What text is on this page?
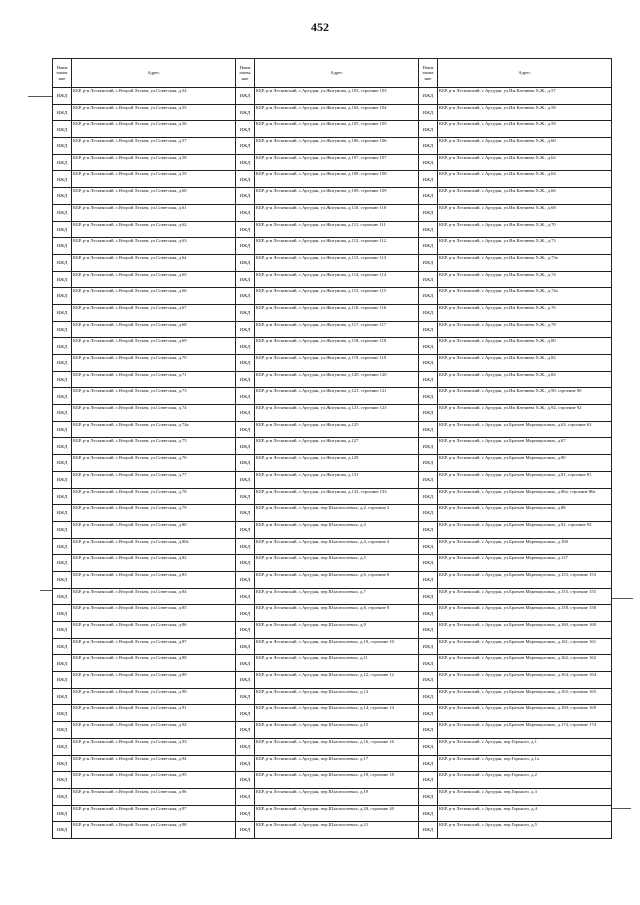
452
Наим енова ние	Адрес	Наим енова ние	Адрес	Наим енова ние	Адрес
ИЖД	КБР, р-н Лескенский, с.Второй Лескен, ул.Советская, д.54	ИЖД	КБР, р-н Лескенский, с.Аргудан, ул.Жигунова, д.103, строение 103	ИЖД	КБР, р-н Лескенский, с.Аргудан, ул.Им Катчиева Х.Ж., д.57
ИЖД	КБР, р-н Лескенский, с.Второй Лескен, ул.Советская, д.55	ИЖД	КБР, р-н Лескенский, с.Аргудан, ул.Жигунова, д.104, строение 104	ИЖД	КБР, р-н Лескенский, с.Аргудан, ул.Им Катчиева Х.Ж., д.58
ИЖД	КБР, р-н Лескенский, с.Второй Лескен, ул.Советская, д.56	ИЖД	КБР, р-н Лескенский, с.Аргудан, ул.Жигунова, д.105, строение 105	ИЖД	КБР, р-н Лескенский, с.Аргудан, ул.Им Катчиева Х.Ж., д.59
ИЖД	КБР, р-н Лескенский, с.Второй Лескен, ул.Советская, д.57	ИЖД	КБР, р-н Лескенский, с.Аргудан, ул.Жигунова, д.106, строение 106	ИЖД	КБР, р-н Лескенский, с.Аргудан, ул.Им Катчиева Х.Ж., д.60
ИЖД	КБР, р-н Лескенский, с.Второй Лескен, ул.Советская, д.58	ИЖД	КБР, р-н Лескенский, с.Аргудан, ул.Жигунова, д.107, строение 107	ИЖД	КБР, р-н Лескенский, с.Аргудан, ул.Им Катчиева Х.Ж., д.62
ИЖД	КБР, р-н Лескенский, с.Второй Лескен, ул.Советская, д.59	ИЖД	КБР, р-н Лескенский, с.Аргудан, ул.Жигунова, д.108, строение 108	ИЖД	КБР, р-н Лескенский, с.Аргудан, ул.Им Катчиева Х.Ж., д.64
ИЖД	КБР, р-н Лескенский, с.Второй Лескен, ул.Советская, д.60	ИЖД	КБР, р-н Лескенский, с.Аргудан, ул.Жигунова, д.109, строение 109	ИЖД	КБР, р-н Лескенский, с.Аргудан, ул.Им Катчиева Х.Ж., д.66
ИЖД	КБР, р-н Лескенский, с.Второй Лескен, ул.Советская, д.61	ИЖД	КБР, р-н Лескенский, с.Аргудан, ул.Жигунова, д.110, строение 110	ИЖД	КБР, р-н Лескенский, с.Аргудан, ул.Им Катчиева Х.Ж., д.68
ИЖД	КБР, р-н Лескенский, с.Второй Лескен, ул.Советская, д.62	ИЖД	КБР, р-н Лескенский, с.Аргудан, ул.Жигунова, д.111, строение 111	ИЖД	КБР, р-н Лескенский, с.Аргудан, ул.Им Катчиева Х.Ж., д.70
ИЖД	КБР, р-н Лескенский, с.Второй Лескен, ул.Советская, д.63	ИЖД	КБР, р-н Лескенский, с.Аргудан, ул.Жигунова, д.112, строение 112	ИЖД	КБР, р-н Лескенский, с.Аргудан, ул.Им Катчиева Х.Ж., д.73
ИЖД	КБР, р-н Лескенский, с.Второй Лескен, ул.Советская, д.64	ИЖД	КБР, р-н Лескенский, с.Аргудан, ул.Жигунова, д.113, строение 113	ИЖД	КБР, р-н Лескенский, с.Аргудан, ул.Им Катчиева Х.Ж., д.73а
ИЖД	КБР, р-н Лескенский, с.Второй Лескен, ул.Советская, д.65	ИЖД	КБР, р-н Лескенский, с.Аргудан, ул.Жигунова, д.114, строение 114	ИЖД	КБР, р-н Лескенский, с.Аргудан, ул.Им Катчиева Х.Ж., д.74
ИЖД	КБР, р-н Лескенский, с.Второй Лескен, ул.Советская, д.66	ИЖД	КБР, р-н Лескенский, с.Аргудан, ул.Жигунова, д.115, строение 115	ИЖД	КБР, р-н Лескенский, с.Аргудан, ул.Им Катчиева Х.Ж., д.74а
ИЖД	КБР, р-н Лескенский, с.Второй Лескен, ул.Советская, д.67	ИЖД	КБР, р-н Лескенский, с.Аргудан, ул.Жигунова, д.116, строение 116	ИЖД	КБР, р-н Лескенский, с.Аргудан, ул.Им Катчиева Х.Ж., д.76
ИЖД	КБР, р-н Лескенский, с.Второй Лескен, ул.Советская, д.68	ИЖД	КБР, р-н Лескенский, с.Аргудан, ул.Жигунова, д.117, строение 117	ИЖД	КБР, р-н Лескенский, с.Аргудан, ул.Им Катчиева Х.Ж., д.78
ИЖД	КБР, р-н Лескенский, с.Второй Лескен, ул.Советская, д.69	ИЖД	КБР, р-н Лескенский, с.Аргудан, ул.Жигунова, д.118, строение 118	ИЖД	КБР, р-н Лескенский, с.Аргудан, ул.Им Катчиева Х.Ж., д.80
ИЖД	КБР, р-н Лескенский, с.Второй Лескен, ул.Советская, д.70	ИЖД	КБР, р-н Лескенский, с.Аргудан, ул.Жигунова, д.119, строение 119	ИЖД	КБР, р-н Лескенский, с.Аргудан, ул.Им Катчиева Х.Ж., д.82
ИЖД	КБР, р-н Лескенский, с.Второй Лескен, ул.Советская, д.71	ИЖД	КБР, р-н Лескенский, с.Аргудан, ул.Жигунова, д.120, строение 120	ИЖД	КБР, р-н Лескенский, с.Аргудан, ул.Им Катчиева Х.Ж., д.84
ИЖД	КБР, р-н Лескенский, с.Второй Лескен, ул.Советская, д.73	ИЖД	КБР, р-н Лескенский, с.Аргудан, ул.Жигунова, д.121, строение 121	ИЖД	КБР, р-н Лескенский, с.Аргудан, ул.Им Катчиева Х.Ж., д.90, строение 90
ИЖД	КБР, р-н Лескенский, с.Второй Лескен, ул.Советская, д.74	ИЖД	КБР, р-н Лескенский, с.Аргудан, ул.Жигунова, д.123, строение 123	ИЖД	КБР, р-н Лескенский, с.Аргудан, ул.Им Катчиева Х.Ж., д.92, строение 92
ИЖД	КБР, р-н Лескенский, с.Второй Лескен, ул.Советская, д.74а	ИЖД	КБР, р-н Лескенский, с.Аргудан, ул.Жигунова, д.125	ИЖД	КБР, р-н Лескенский, с.Аргудан, ул.Братьев Маремкуловых, д.63, строение 63
ИЖД	КБР, р-н Лескенский, с.Второй Лескен, ул.Советская, д.75	ИЖД	КБР, р-н Лескенский, с.Аргудан, ул.Жигунова, д.127	ИЖД	КБР, р-н Лескенский, с.Аргудан, ул.Братьев Маремкуловых, д.67
ИЖД	КБР, р-н Лескенский, с.Второй Лескен, ул.Советская, д.76	ИЖД	КБР, р-н Лескенский, с.Аргудан, ул.Жигунова, д.129	ИЖД	КБР, р-н Лескенский, с.Аргудан, ул.Братьев Маремкуловых, д.80
ИЖД	КБР, р-н Лескенский, с.Второй Лескен, ул.Советская, д.77	ИЖД	КБР, р-н Лескенский, с.Аргудан, ул.Жигунова, д.131	ИЖД	КБР, р-н Лескенский, с.Аргудан, ул.Братьев Маремкуловых, д.81, строение 81
ИЖД	КБР, р-н Лескенский, с.Второй Лескен, ул.Советская, д.78	ИЖД	КБР, р-н Лескенский, с.Аргудан, ул.Жигунова, д.133, строение 133	ИЖД	КБР, р-н Лескенский, с.Аргудан, ул.Братьев Маремкуловых, д.86а, строение 86а
ИЖД	КБР, р-н Лескенский, с.Второй Лескен, ул.Советская, д.79	ИЖД	КБР, р-н Лескенский, с.Аргудан, пер.Шхагапсоевых, д.2, строение 2	ИЖД	КБР, р-н Лескенский, с.Аргудан, ул.Братьев Маремкуловых, д.88
ИЖД	КБР, р-н Лескенский, с.Второй Лескен, ул.Советская, д.80	ИЖД	КБР, р-н Лескенский, с.Аргудан, пер.Шхагапсоевых, д.3	ИЖД	КБР, р-н Лескенский, с.Аргудан, ул.Братьев Маремкуловых, д.92, строение 92
ИЖД	КБР, р-н Лескенский, с.Второй Лескен, ул.Советская, д.80а	ИЖД	КБР, р-н Лескенский, с.Аргудан, пер.Шхагапсоевых, д.4, строение 4	ИЖД	КБР, р-н Лескенский, с.Аргудан, ул.Братьев Маремкуловых, д.100
ИЖД	КБР, р-н Лескенский, с.Второй Лескен, ул.Советская, д.82	ИЖД	КБР, р-н Лескенский, с.Аргудан, пер.Шхагапсоевых, д.5	ИЖД	КБР, р-н Лескенский, с.Аргудан, ул.Братьев Маремкуловых, д.137
ИЖД	КБР, р-н Лескенский, с.Второй Лескен, ул.Советская, д.83	ИЖД	КБР, р-н Лескенский, с.Аргудан, пер.Шхагапсоевых, д.6, строение 6	ИЖД	КБР, р-н Лескенский, с.Аргудан, ул.Братьев Маремкуловых, д.153, строение 153
ИЖД	КБР, р-н Лескенский, с.Второй Лескен, ул.Советская, д.84	ИЖД	КБР, р-н Лескенский, с.Аргудан, пер.Шхагапсоевых, д.7	ИЖД	КБР, р-н Лескенский, с.Аргудан, ул.Братьев Маремкуловых, д.155, строение 155
ИЖД	КБР, р-н Лескенский, с.Второй Лескен, ул.Советская, д.85	ИЖД	КБР, р-н Лескенский, с.Аргудан, пер.Шхагапсоевых, д.8, строение 8	ИЖД	КБР, р-н Лескенский, с.Аргудан, ул.Братьев Маремкуловых, д.158, строение 158
ИЖД	КБР, р-н Лескенский, с.Второй Лескен, ул.Советская, д.86	ИЖД	КБР, р-н Лескенский, с.Аргудан, пер.Шхагапсоевых, д.9	ИЖД	КБР, р-н Лескенский, с.Аргудан, ул.Братьев Маремкуловых, д.160, строение 160
ИЖД	КБР, р-н Лескенский, с.Второй Лескен, ул.Советская, д.87	ИЖД	КБР, р-н Лескенский, с.Аргудан, пер.Шхагапсоевых, д.10, строение 10	ИЖД	КБР, р-н Лескенский, с.Аргудан, ул.Братьев Маремкуловых, д.161, строение 161
ИЖД	КБР, р-н Лескенский, с.Второй Лескен, ул.Советская, д.88	ИЖД	КБР, р-н Лескенский, с.Аргудан, пер.Шхагапсоевых, д.11	ИЖД	КБР, р-н Лескенский, с.Аргудан, ул.Братьев Маремкуловых, д.162, строение 162
ИЖД	КБР, р-н Лескенский, с.Второй Лескен, ул.Советская, д.89	ИЖД	КБР, р-н Лескенский, с.Аргудан, пер.Шхагапсоевых, д.12, строение 12	ИЖД	КБР, р-н Лескенский, с.Аргудан, ул.Братьев Маремкуловых, д.164, строение 164
ИЖД	КБР, р-н Лескенский, с.Второй Лескен, ул.Советская, д.90	ИЖД	КБР, р-н Лескенский, с.Аргудан, пер.Шхагапсоевых, д.13	ИЖД	КБР, р-н Лескенский, с.Аргудан, ул.Братьев Маремкуловых, д.165, строение 165
ИЖД	КБР, р-н Лескенский, с.Второй Лескен, ул.Советская, д.91	ИЖД	КБР, р-н Лескенский, с.Аргудан, пер.Шхагапсоевых, д.14, строение 14	ИЖД	КБР, р-н Лескенский, с.Аргудан, ул.Братьев Маремкуловых, д.169, строение 169
ИЖД	КБР, р-н Лескенский, с.Второй Лескен, ул.Советская, д.92	ИЖД	КБР, р-н Лескенский, с.Аргудан, пер.Шхагапсоевых, д.15	ИЖД	КБР, р-н Лескенский, с.Аргудан, ул.Братьев Маремкуловых, д.174, строение 174
ИЖД	КБР, р-н Лескенский, с.Второй Лескен, ул.Советская, д.93	ИЖД	КБР, р-н Лескенский, с.Аргудан, пер.Шхагапсоевых, д.16, строение 16	ИЖД	КБР, р-н Лескенский, с.Аргудан, пер.Горького, д.1
ИЖД	КБР, р-н Лескенский, с.Второй Лескен, ул.Советская, д.94	ИЖД	КБР, р-н Лескенский, с.Аргудан, пер.Шхагапсоевых, д.17	ИЖД	КБР, р-н Лескенский, с.Аргудан, пер.Горького, д.1а
ИЖД	КБР, р-н Лескенский, с.Второй Лескен, ул.Советская, д.95	ИЖД	КБР, р-н Лескенский, с.Аргудан, пер.Шхагапсоевых, д.18, строение 18	ИЖД	КБР, р-н Лескенский, с.Аргудан, пер.Горького, д.2
ИЖД	КБР, р-н Лескенский, с.Второй Лескен, ул.Советская, д.96	ИЖД	КБР, р-н Лескенский, с.Аргудан, пер.Шхагапсоевых, д.19	ИЖД	КБР, р-н Лескенский, с.Аргудан, пер.Горького, д.3
ИЖД	КБР, р-н Лескенский, с.Второй Лескен, ул.Советская, д.97	ИЖД	КБР, р-н Лескенский, с.Аргудан, пер.Шхагапсоевых, д.20, строение 20	ИЖД	КБР, р-н Лескенский, с.Аргудан, пер.Горького, д.4
ИЖД	КБР, р-н Лескенский, с.Второй Лескен, ул.Советская, д.98	ИЖД	КБР, р-н Лескенский, с.Аргудан, пер.Шхагапсоевых, д.21	ИЖД	КБР, р-н Лескенский, с.Аргудан, пер.Горького, д.5
